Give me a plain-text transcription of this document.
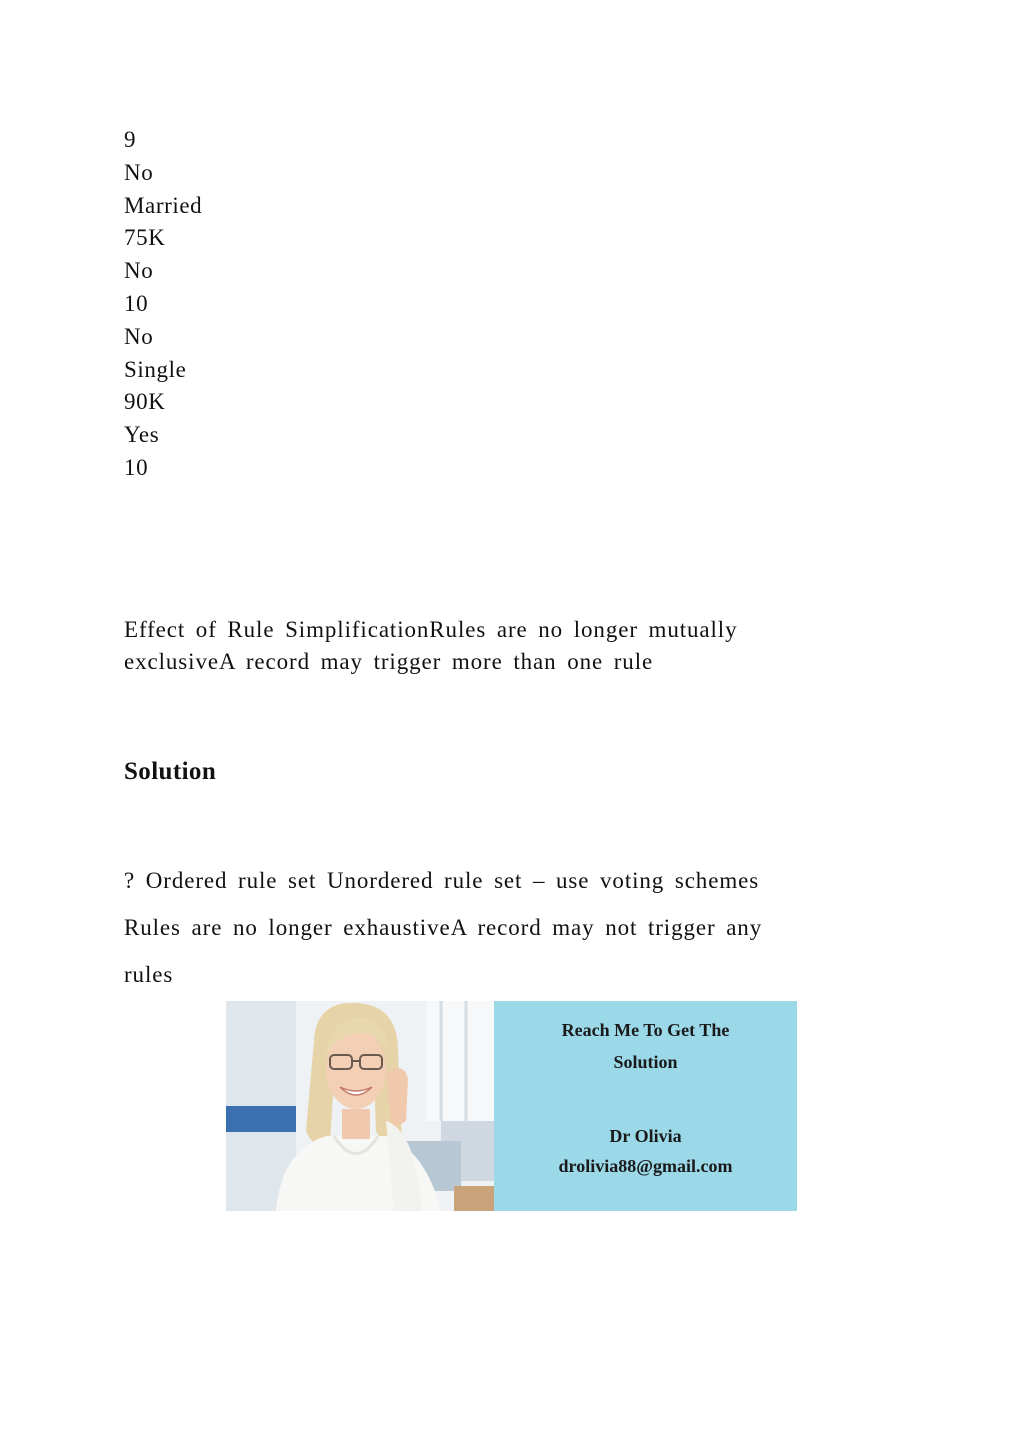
9
No
Married
75K
No
10
No
Single
90K
Yes
10
Effect of Rule SimplificationRules are no longer mutually
exclusiveA record may trigger more than one rule
Solution
? Ordered rule set Unordered rule set – use voting schemes
Rules are no longer exhaustiveA record may not trigger any
rules
Reach Me To Get The
Solution
Dr Olivia
drolivia88@gmail.com
